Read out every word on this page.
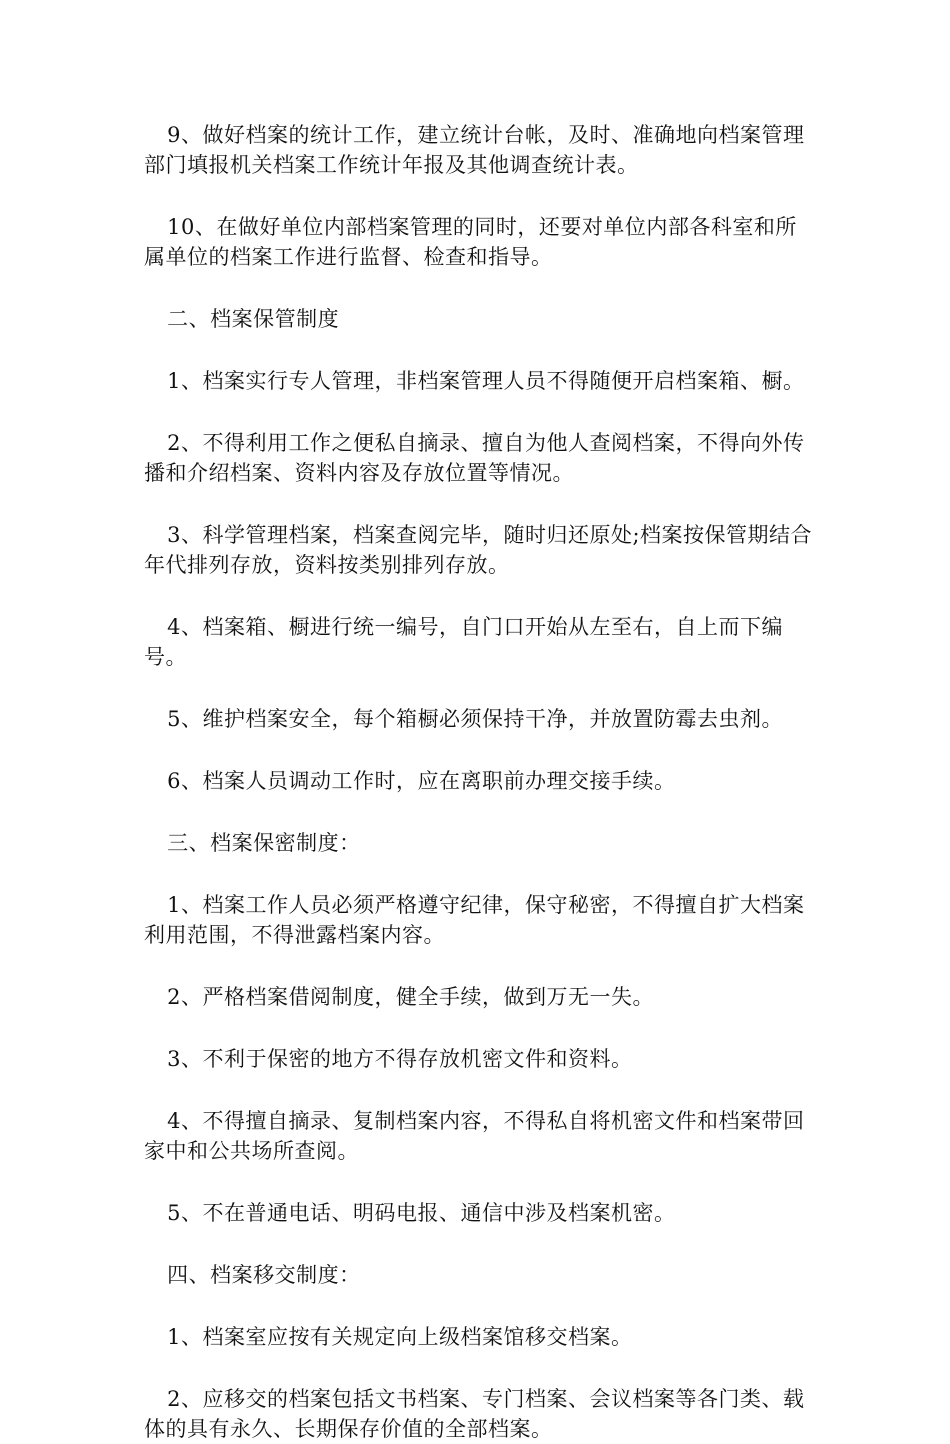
9、做好档案的统计工作，建立统计台帐，及时、准确地向档案管理部门填报机关档案工作统计年报及其他调查统计表。

10、在做好单位内部档案管理的同时，还要对单位内部各科室和所属单位的档案工作进行监督、检查和指导。

二、档案保管制度

1、档案实行专人管理，非档案管理人员不得随便开启档案箱、橱。

2、不得利用工作之便私自摘录、擅自为他人查阅档案，不得向外传播和介绍档案、资料内容及存放位置等情况。

3、科学管理档案，档案查阅完毕，随时归还原处;档案按保管期结合年代排列存放，资料按类别排列存放。

4、档案箱、橱进行统一编号，自门口开始从左至右，自上而下编号。

5、维护档案安全，每个箱橱必须保持干净，并放置防霉去虫剂。

6、档案人员调动工作时，应在离职前办理交接手续。

三、档案保密制度：

1、档案工作人员必须严格遵守纪律，保守秘密，不得擅自扩大档案利用范围，不得泄露档案内容。

2、严格档案借阅制度，健全手续，做到万无一失。

3、不利于保密的地方不得存放机密文件和资料。

4、不得擅自摘录、复制档案内容，不得私自将机密文件和档案带回家中和公共场所查阅。

5、不在普通电话、明码电报、通信中涉及档案机密。

四、档案移交制度：

1、档案室应按有关规定向上级档案馆移交档案。

2、应移交的档案包括文书档案、专门档案、会议档案等各门类、载体的具有永久、长期保存价值的全部档案。
